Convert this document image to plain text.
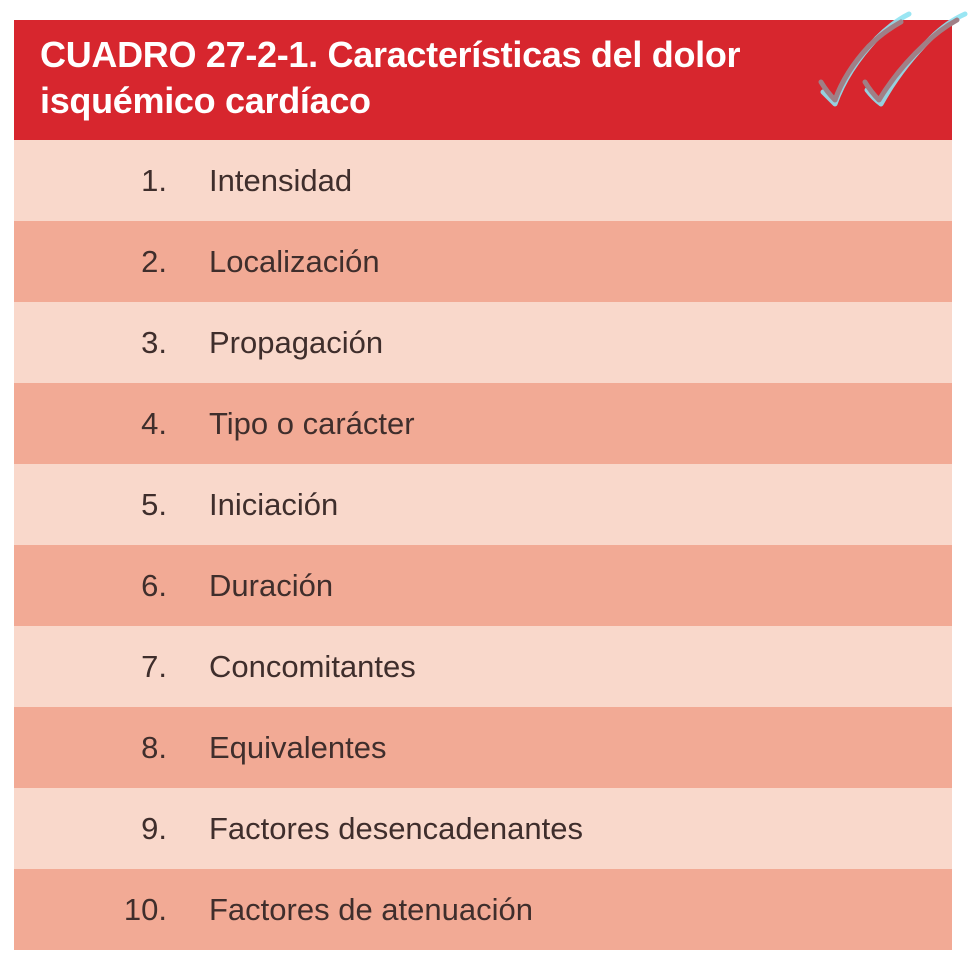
CUADRO 27-2-1. Características del dolor isquémico cardíaco
1. Intensidad
2. Localización
3. Propagación
4. Tipo o carácter
5. Iniciación
6. Duración
7. Concomitantes
8. Equivalentes
9. Factores desencadenantes
10. Factores de atenuación
